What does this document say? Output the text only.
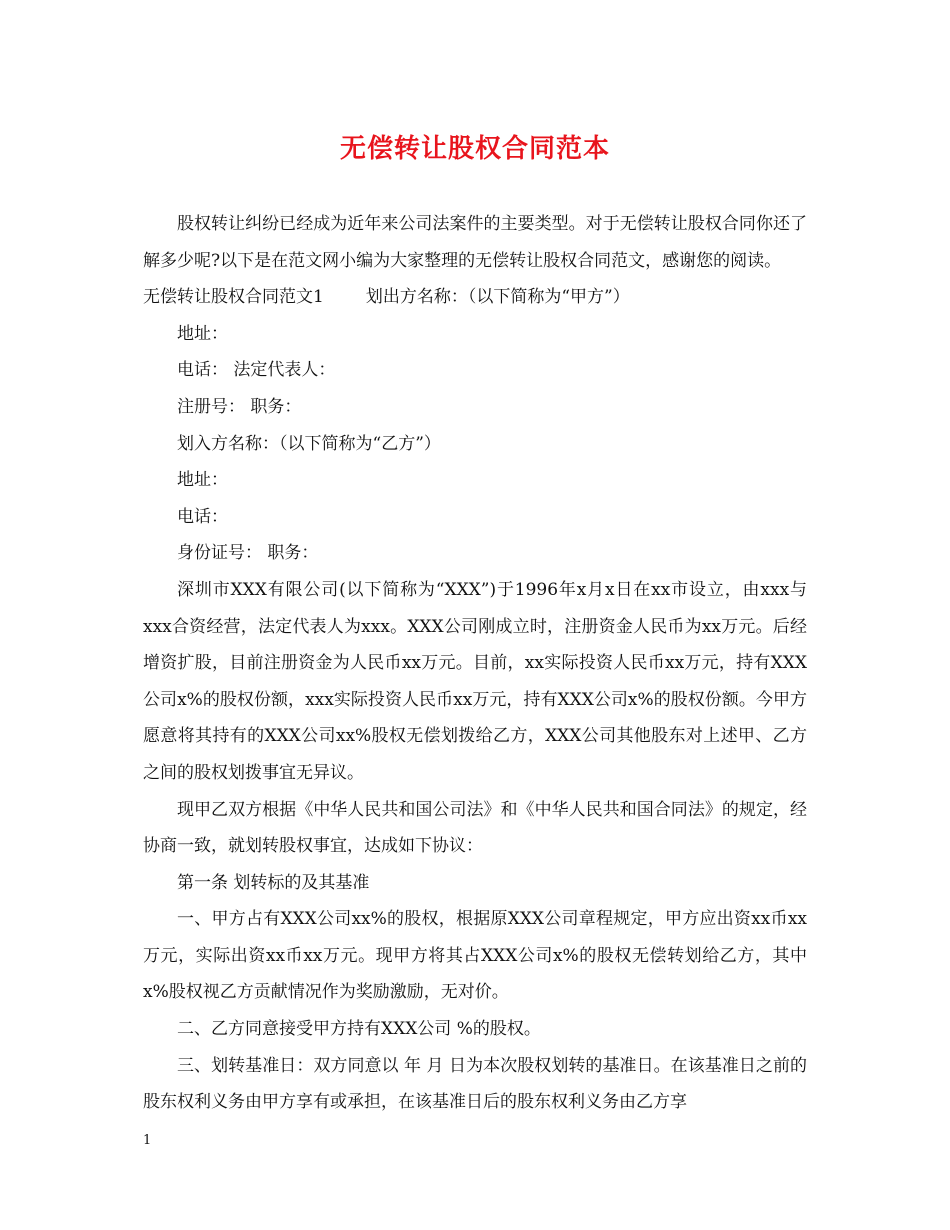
无偿转让股权合同范本

股权转让纠纷已经成为近年来公司法案件的主要类型。对于无偿转让股权合同你还了解多少呢?以下是在范文网小编为大家整理的无偿转让股权合同范文，感谢您的阅读。

无偿转让股权合同范文1 划出方名称：（以下简称为“甲方”）

地址：

电话： 法定代表人：

注册号： 职务：

划入方名称：（以下简称为“乙方”）

地址：

电话：

身份证号： 职务：

深圳市XXX有限公司(以下简称为“XXX”)于1996年x月x日在xx市设立，由xxx与xxx合资经营，法定代表人为xxx。XXX公司刚成立时，注册资金人民币为xx万元。后经增资扩股，目前注册资金为人民币xx万元。目前，xx实际投资人民币xx万元，持有XXX公司x%的股权份额，xxx实际投资人民币xx万元，持有XXX公司x%的股权份额。今甲方愿意将其持有的XXX公司xx%股权无偿划拨给乙方，XXX公司其他股东对上述甲、乙方之间的股权划拨事宜无异议。

现甲乙双方根据《中华人民共和国公司法》和《中华人民共和国合同法》的规定，经协商一致，就划转股权事宜，达成如下协议：

第一条 划转标的及其基准

一、甲方占有XXX公司xx%的股权，根据原XXX公司章程规定，甲方应出资xx币xx万元，实际出资xx币xx万元。现甲方将其占XXX公司x%的股权无偿转划给乙方，其中x%股权视乙方贡献情况作为奖励激励，无对价。

二、乙方同意接受甲方持有XXX公司 %的股权。

三、划转基准日：双方同意以 年 月 日为本次股权划转的基准日。在该基准日之前的股东权利义务由甲方享有或承担，在该基准日后的股东权利义务由乙方享

1
